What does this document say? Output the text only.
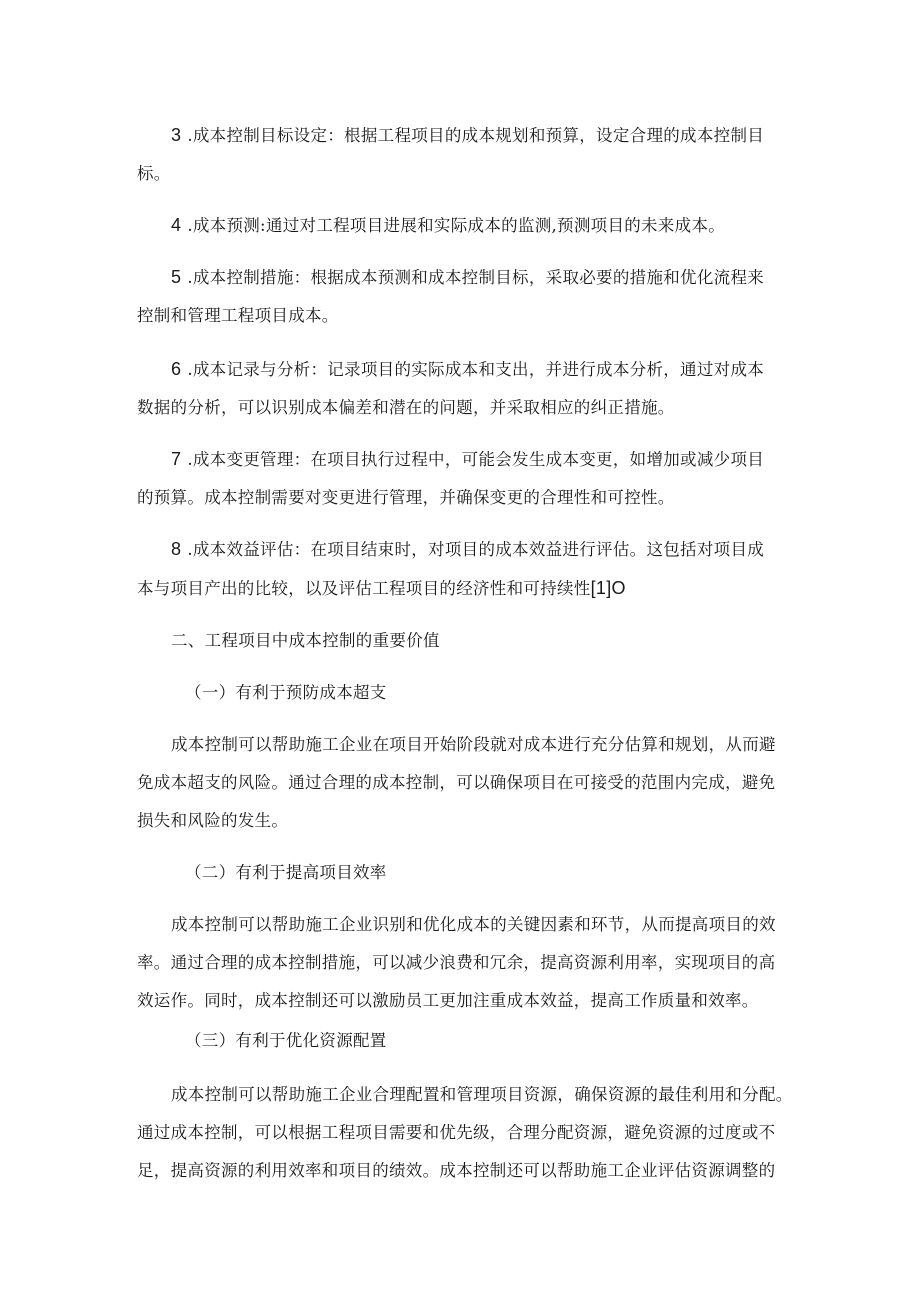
3 .成本控制目标设定：根据工程项目的成本规划和预算，设定合理的成本控制目
标。

4 .成本预测:通过对工程项目进展和实际成本的监测,预测项目的未来成本。

5 .成本控制措施：根据成本预测和成本控制目标，采取必要的措施和优化流程来
控制和管理工程项目成本。

6 .成本记录与分析：记录项目的实际成本和支出，并进行成本分析，通过对成本
数据的分析，可以识别成本偏差和潜在的问题，并采取相应的纠正措施。

7 .成本变更管理：在项目执行过程中，可能会发生成本变更，如增加或减少项目
的预算。成本控制需要对变更进行管理，并确保变更的合理性和可控性。

8 .成本效益评估：在项目结束时，对项目的成本效益进行评估。这包括对项目成
本与项目产出的比较，以及评估工程项目的经济性和可持续性[1]O

二、工程项目中成本控制的重要价值

（一）有利于预防成本超支

成本控制可以帮助施工企业在项目开始阶段就对成本进行充分估算和规划，从而避
免成本超支的风险。通过合理的成本控制，可以确保项目在可接受的范围内完成，避免
损失和风险的发生。

（二）有利于提高项目效率

成本控制可以帮助施工企业识别和优化成本的关键因素和环节，从而提高项目的效
率。通过合理的成本控制措施，可以减少浪费和冗余，提高资源利用率，实现项目的高
效运作。同时，成本控制还可以激励员工更加注重成本效益，提高工作质量和效率。

（三）有利于优化资源配置

成本控制可以帮助施工企业合理配置和管理项目资源，确保资源的最佳利用和分配。
通过成本控制，可以根据工程项目需要和优先级，合理分配资源，避免资源的过度或不
足，提高资源的利用效率和项目的绩效。成本控制还可以帮助施工企业评估资源调整的
